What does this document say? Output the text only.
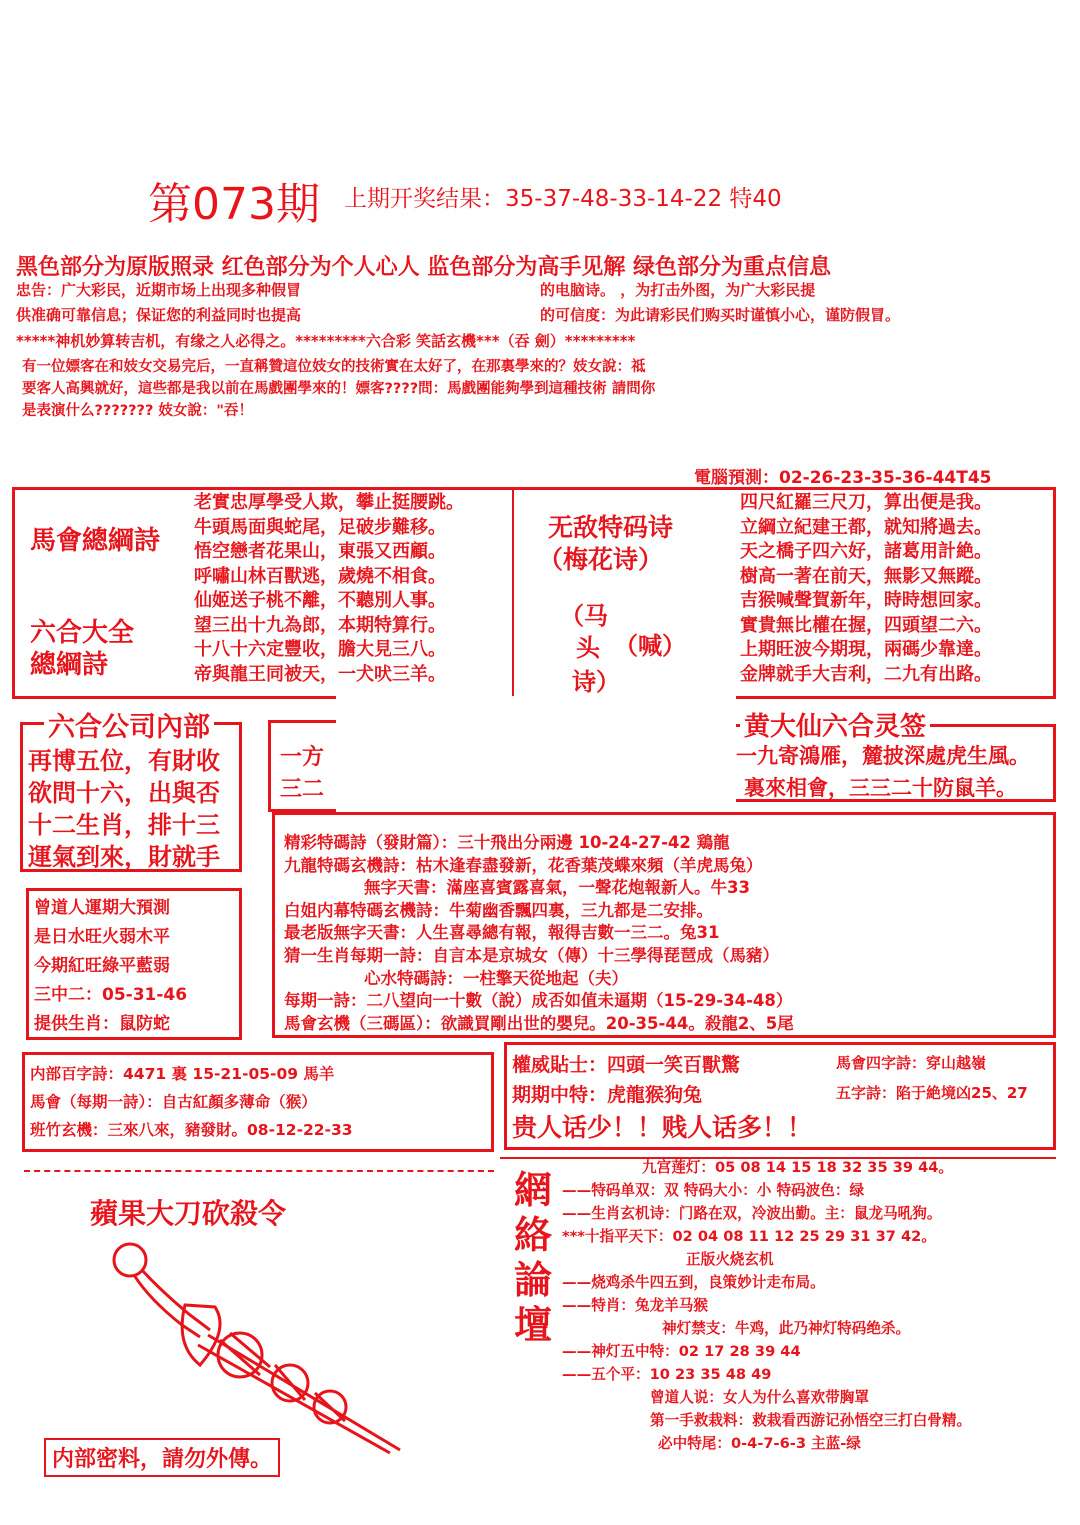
第073期 上期开奖结果：35-37-48-33-14-22 特40
黑色部分为原版照录 红色部分为个人心人 监色部分为高手见解 绿色部分为重点信息
忠告：广大彩民，近期市场上出现多种假冒
供准确可靠信息；保证您的利益同时也提高
的电脑诗。 ，为打击外图，为广大彩民提
的可信度：为此请彩民们购买时谨慎小心，谨防假冒。
*****神机妙算转吉机，有缘之人必得之。*********六合彩 笑話玄機***（吞 劍）*********
有一位嫖客在和妓女交易完后，一直稱贊這位妓女的技術實在太好了，在那裏學來的？妓女說：祗
要客人高興就好，這些都是我以前在馬戲團學來的！嫖客????問：馬戲團能夠學到這種技術 請問你
是表演什么??????? 妓女說："吞！
電腦預測：02-26-23-35-36-44T45
馬會總綱詩
六合大全
總綱詩
老實忠厚學受人欺，攀止挺腰跳。
牛頭馬面與蛇尾，足破步難移。
悟空戀者花果山，東張又西顧。
呼嘯山林百獸逃，歲燒不相食。
仙姬送子桃不離，不聽別人事。
望三出十九為郎，本期特算行。
十八十六定豐收，膽大見三八。
帝與龍王同被天，一犬吠三羊。
无敌特码诗
（梅花诗）
（马
头 （喊）
诗）
四尺紅羅三尺刀，算出便是我。
立綱立紀建王都，就知將過去。
天之橋子四六好，諸葛用計絶。
樹高一著在前天，無影又無蹤。
吉猴喊聲賀新年，時時想回家。
實貴無比權在握，四頭望二六。
上期旺波今期現，兩碼少靠達。
金牌就手大吉利，二九有出路。
六合公司內部
再博五位，有財收
欲問十六，出與否
十二生肖，排十三
運氣到來，財就手
一方
三二
黄大仙六合灵签
一九寄鴻雁，麓披深處虎生風。
裏來相會，三三二十防鼠羊。
精彩特碼詩（發財篇）：三十飛出分兩邊 10-24-27-42 鶏龍
九龍特碼玄機詩：枯木逢春盡發新，花香葉茂蝶來頻（羊虎馬兔）
無字天書：滿座喜賓露喜氣，一聲花炮報新人。牛33
白姐内幕特碼玄機詩：牛菊幽香飄四裏，三九都是二安排。
最老版無字天書：人生喜尋總有報，報得吉數一三二。兔31
猜一生肖每期一詩：自言本是京城女（傳）十三學得琵琶成（馬豬）
心水特碼詩：一柱擎天從地起（夫）
每期一詩：二八望向一十數（說）成否如值未逼期（15-29-34-48）
馬會玄機（三碼區）：欲識買剛出世的嬰兒。20-35-44。殺龍2、5尾
曾道人運期大預測
是日水旺火弱木平
今期紅旺綠平藍弱
三中二：05-31-46
提供生肖：鼠防蛇
内部百字詩：4471 裏 15-21-05-09 馬羊
馬會（每期一詩）：自古紅顏多薄命（猴）
班竹玄機：三來八來，豬發財。08-12-22-33
權威貼士：四頭一笑百獸驚	馬會四字詩：穿山越嶺
期期中特：虎龍猴狗兔	五字詩：陷于絶境凶25、27
贵人话少！！贱人话多！！
蘋果大刀砍殺令
内部密料，請勿外傳。
網
絡
論
壇
九宫莲灯：05 08 14 15 18 32 35 39 44。
——特码单双：双 特码大小：小 特码波色：绿
——生肖玄机诗：门路在双，冷波出勤。主：鼠龙马吼狗。
***十指平天下：02 04 08 11 12 25 29 31 37 42。
正版火烧玄机
——烧鸡杀牛四五到，良策妙计走布局。
——特肖：兔龙羊马猴
神灯禁支：牛鸡，此乃神灯特码绝杀。
——神灯五中特：02 17 28 39 44
——五个平：10 23 35 48 49
曾道人说：女人为什么喜欢带胸罩
第一手救栽料：救栽看西游记孙悟空三打白骨精。
必中特尾：0-4-7-6-3 主蓝-绿
